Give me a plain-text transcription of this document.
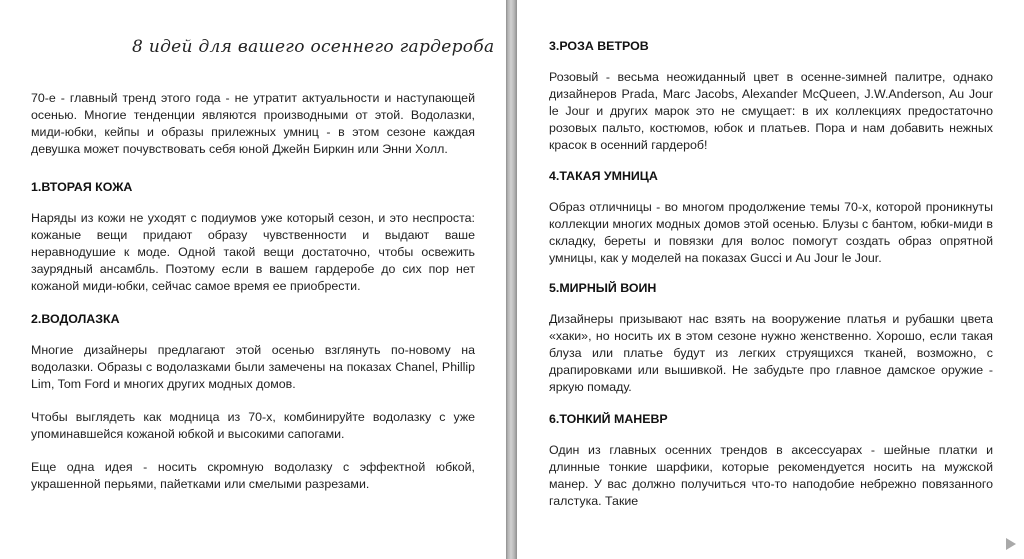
8 идей для вашего осеннего гардероба

70-е - главный тренд этого года - не утратит актуальности и наступающей осенью. Многие тенденции являются производными от этой. Водолазки, миди-юбки, кейпы и образы прилежных умниц - в этом сезоне каждая девушка может почувствовать себя юной Джейн Биркин или Энни Холл.

1.ВТОРАЯ КОЖА

Наряды из кожи не уходят с подиумов уже который сезон, и это неспроста: кожаные вещи придают образу чувственности и выдают ваше неравнодушие к моде. Одной такой вещи достаточно, чтобы освежить заурядный ансамбль. Поэтому если в вашем гардеробе до сих пор нет кожаной миди-юбки, сейчас самое время ее приобрести.

2.ВОДОЛАЗКА

Многие дизайнеры предлагают этой осенью взглянуть по-новому на водолазки. Образы с водолазками были замечены на показах Chanel, Phillip Lim, Tom Ford и многих других модных домов.

Чтобы выглядеть как модница из 70-х, комбинируйте водолазку с уже упоминавшейся кожаной юбкой и высокими сапогами.

Еще одна идея - носить скромную водолазку с эффектной юбкой, украшенной перьями, пайетками или смелыми разрезами.

3.РОЗА ВЕТРОВ

Розовый - весьма неожиданный цвет в осенне-зимней палитре, однако дизайнеров Prada, Marc Jacobs, Alexander McQueen, J.W.Anderson, Au Jour le Jour и других марок это не смущает: в их коллекциях предостаточно розовых пальто, костюмов, юбок и платьев. Пора и нам добавить нежных красок в осенний гардероб!

4.ТАКАЯ УМНИЦА

Образ отличницы - во многом продолжение темы 70-х, которой проникнуты коллекции многих модных домов этой осенью. Блузы с бантом, юбки-миди в складку, береты и повязки для волос помогут создать образ опрятной умницы, как у моделей на показах Gucci и Au Jour le Jour.

5.МИРНЫЙ ВОИН

Дизайнеры призывают нас взять на вооружение платья и рубашки цвета «хаки», но носить их в этом сезоне нужно женственно. Хорошо, если такая блуза или платье будут из легких струящихся тканей, возможно, с драпировками или вышивкой. Не забудьте про главное дамское оружие - яркую помаду.

6.ТОНКИЙ МАНЕВР

Один из главных осенних трендов в аксессуарах - шейные платки и длинные тонкие шарфики, которые рекомендуется носить на мужской манер. У вас должно получиться что-то наподобие небрежно повязанного галстука. Такие
